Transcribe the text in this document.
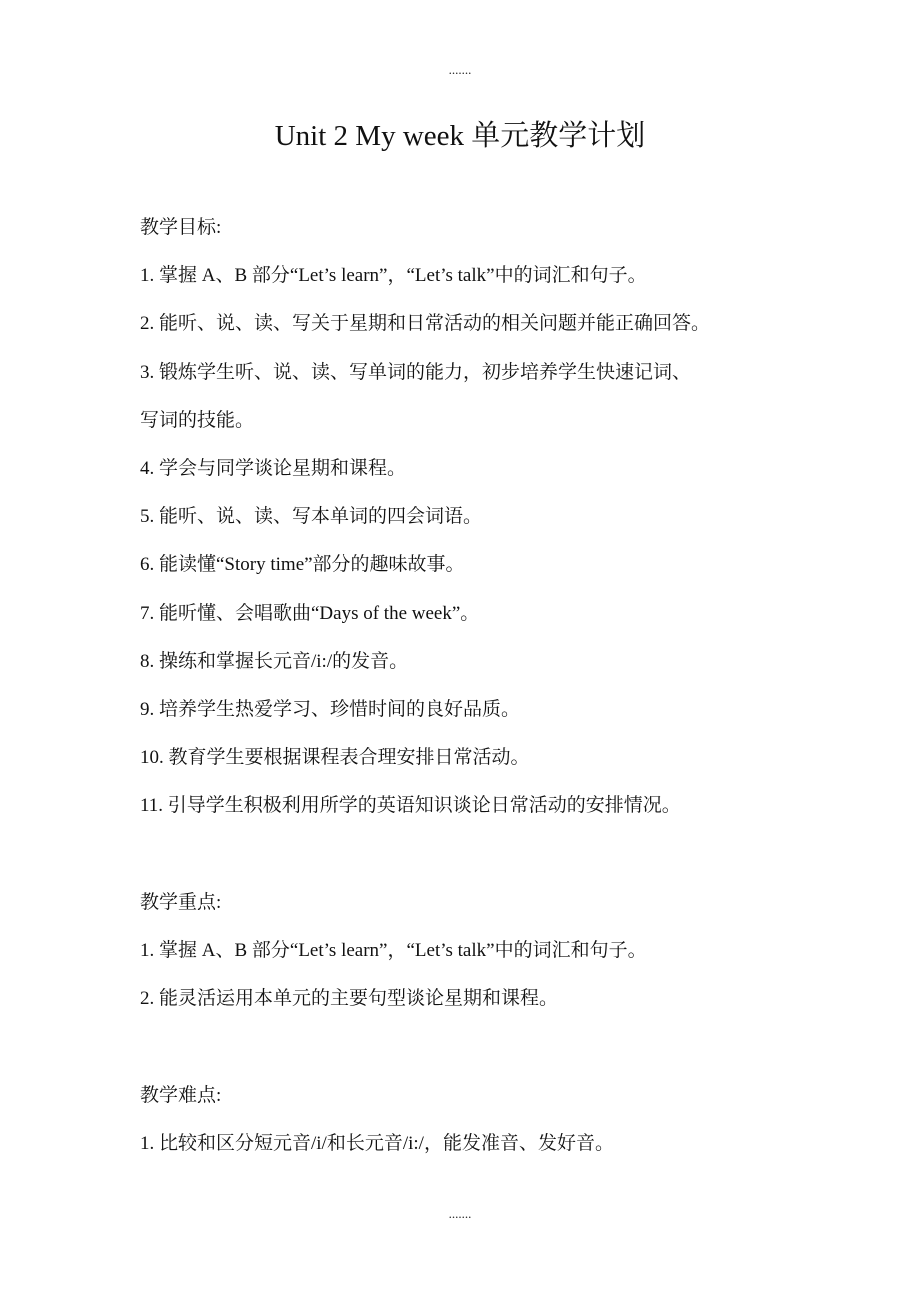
.......
Unit 2 My week 单元教学计划
教学目标:
1. 掌握 A、B 部分“Let’s learn”，“Let’s talk”中的词汇和句子。
2. 能听、说、读、写关于星期和日常活动的相关问题并能正确回答。
3. 锻炼学生听、说、读、写单词的能力，初步培养学生快速记词、
写词的技能。
4. 学会与同学谈论星期和课程。
5. 能听、说、读、写本单词的四会词语。
6. 能读懂“Story time”部分的趣味故事。
7. 能听懂、会唱歌曲“Days of the week”。
8. 操练和掌握长元音/i:/的发音。
9. 培养学生热爱学习、珍惜时间的良好品质。
10. 教育学生要根据课程表合理安排日常活动。
11. 引导学生积极利用所学的英语知识谈论日常活动的安排情况。
教学重点:
1. 掌握 A、B 部分“Let’s learn”，“Let’s talk”中的词汇和句子。
2. 能灵活运用本单元的主要句型谈论星期和课程。
教学难点:
1. 比较和区分短元音/i/和长元音/i:/，能发准音、发好音。
.......
